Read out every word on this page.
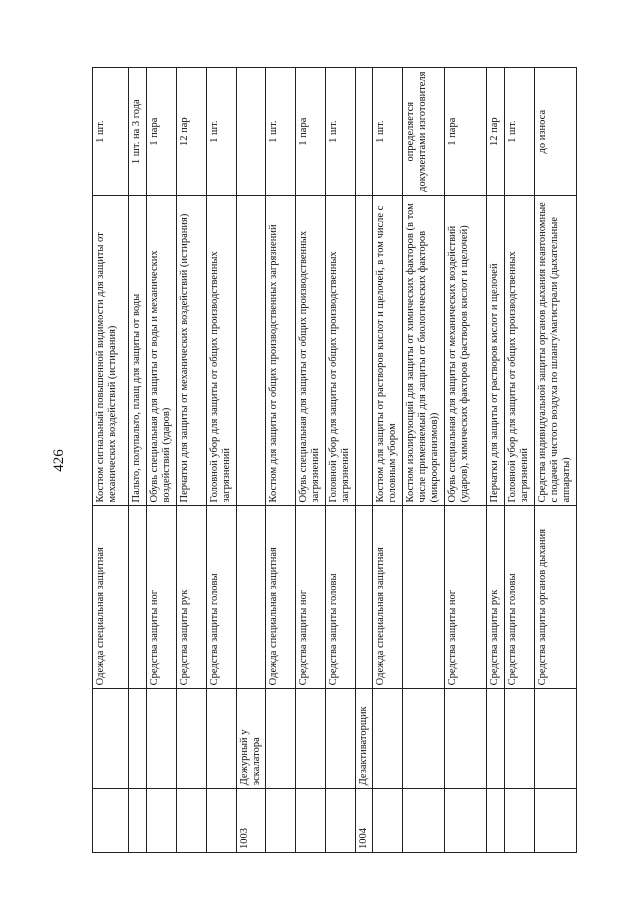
426
		Одежда специальная защитная	Костюм сигнальный повышенной видимости для защиты от механических воздействий (истирания)	1 шт.
			Пальто, полупальто, плащ для защиты от воды	1 шт. на 3 года
		Средства защиты ног	Обувь специальная для защиты от воды и механических воздействий (ударов)	1 пара
		Средства защиты рук	Перчатки для защиты от механических воздействий (истирания)	12 пар
		Средства защиты головы	Головной убор для защиты от общих производственных загрязнений	1 шт.
1003	Дежурный у эскалатора			
		Одежда специальная защитная	Костюм для защиты от общих производственных загрязнений	1 шт.
		Средства защиты ног	Обувь специальная для защиты от общих производственных загрязнений	1 пара
		Средства защиты головы	Головной убор для защиты от общих производственных загрязнений	1 шт.
1004	Дезактиваторщик			
		Одежда специальная защитная	Костюм для защиты от растворов кислот и щелочей, в том числе с головным убором	1 шт.
			Костюм изолирующий для защиты от химических факторов (в том числе применяемый для защиты от биологических факторов (микроорганизмов))	определяется документами изготовителя
		Средства защиты ног	Обувь специальная для защиты от механических воздействий (ударов), химических факторов (растворов кислот и щелочей)	1 пара
		Средства защиты рук	Перчатки для защиты от растворов кислот и щелочей	12 пар
		Средства защиты головы	Головной убор для защиты от общих производственных загрязнений	1 шт.
		Средства защиты органов дыхания	Средства индивидуальной защиты органов дыхания неавтономные с подачей чистого воздуха по шлангу/магистрали (дыхательные аппараты)	до износа
